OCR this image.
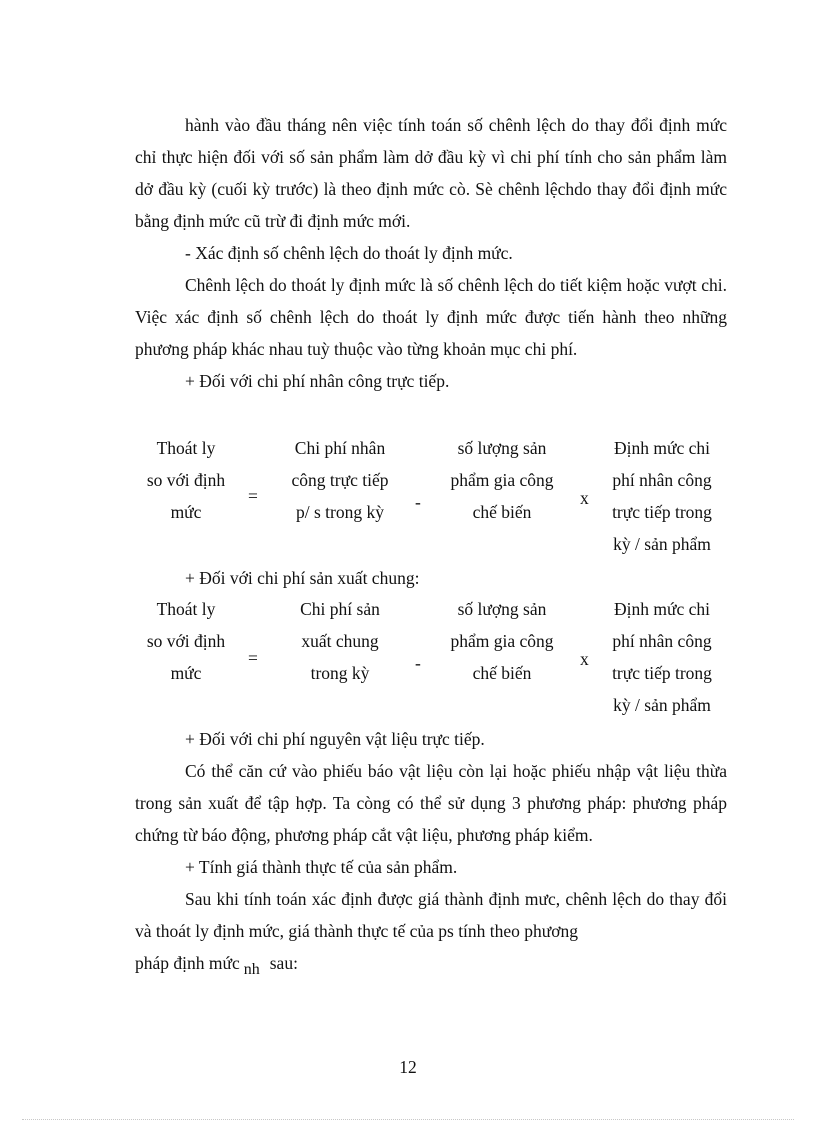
hành vào đầu tháng nên việc tính toán số chênh lệch do thay đổi định mức chỉ thực hiện đối với số sản phẩm làm dở đầu kỳ vì chi phí tính cho sản phẩm làm dở đầu kỳ (cuối kỳ trước) là theo định mức cò. Sè chênh lệchdo thay đổi định mức bằng định mức cũ trừ đi định mức mới.

- Xác định số chênh lệch do thoát ly định mức.

Chênh lệch do thoát ly định mức là số chênh lệch do tiết kiệm hoặc vượt chi. Việc xác định số chênh lệch do thoát ly định mức được tiến hành theo những phương pháp khác nhau tuỳ thuộc vào từng khoản mục chi phí.

+ Đối với chi phí nhân công trực tiếp.

Thoát ly
so với định
mức
=
Chi phí nhân
công trực tiếp
p/ s trong kỳ	-
số lượng sản
phẩm gia công
chế biến
x
Định mức chi
phí nhân công
trực tiếp trong
kỳ / sản phẩm

+ Đối với chi phí sản xuất chung:

Thoát ly
so với định
mức
=
Chi phí sản
xuất chung
trong kỳ	-
số lượng sản
phẩm gia công
chế biến
x
Định mức chi
phí nhân công
trực tiếp trong
kỳ / sản phẩm

+ Đối với chi phí nguyên vật liệu trực tiếp.

Có thể căn cứ vào phiếu báo vật liệu còn lại hoặc phiếu nhập vật liệu thừa trong sản xuất để tập hợp. Ta còng có thể sử dụng 3 phương pháp: phương pháp chứng từ báo động, phương pháp cắt vật liệu, phương pháp kiểm.

+ Tính giá thành thực tế của sản phẩm.

Sau khi tính toán xác định được giá thành định mưc, chênh lệch do thay đổi và thoát ly định mức, giá thành thực tế của ps tính theo phương

pháp định mức nh sau:

12
